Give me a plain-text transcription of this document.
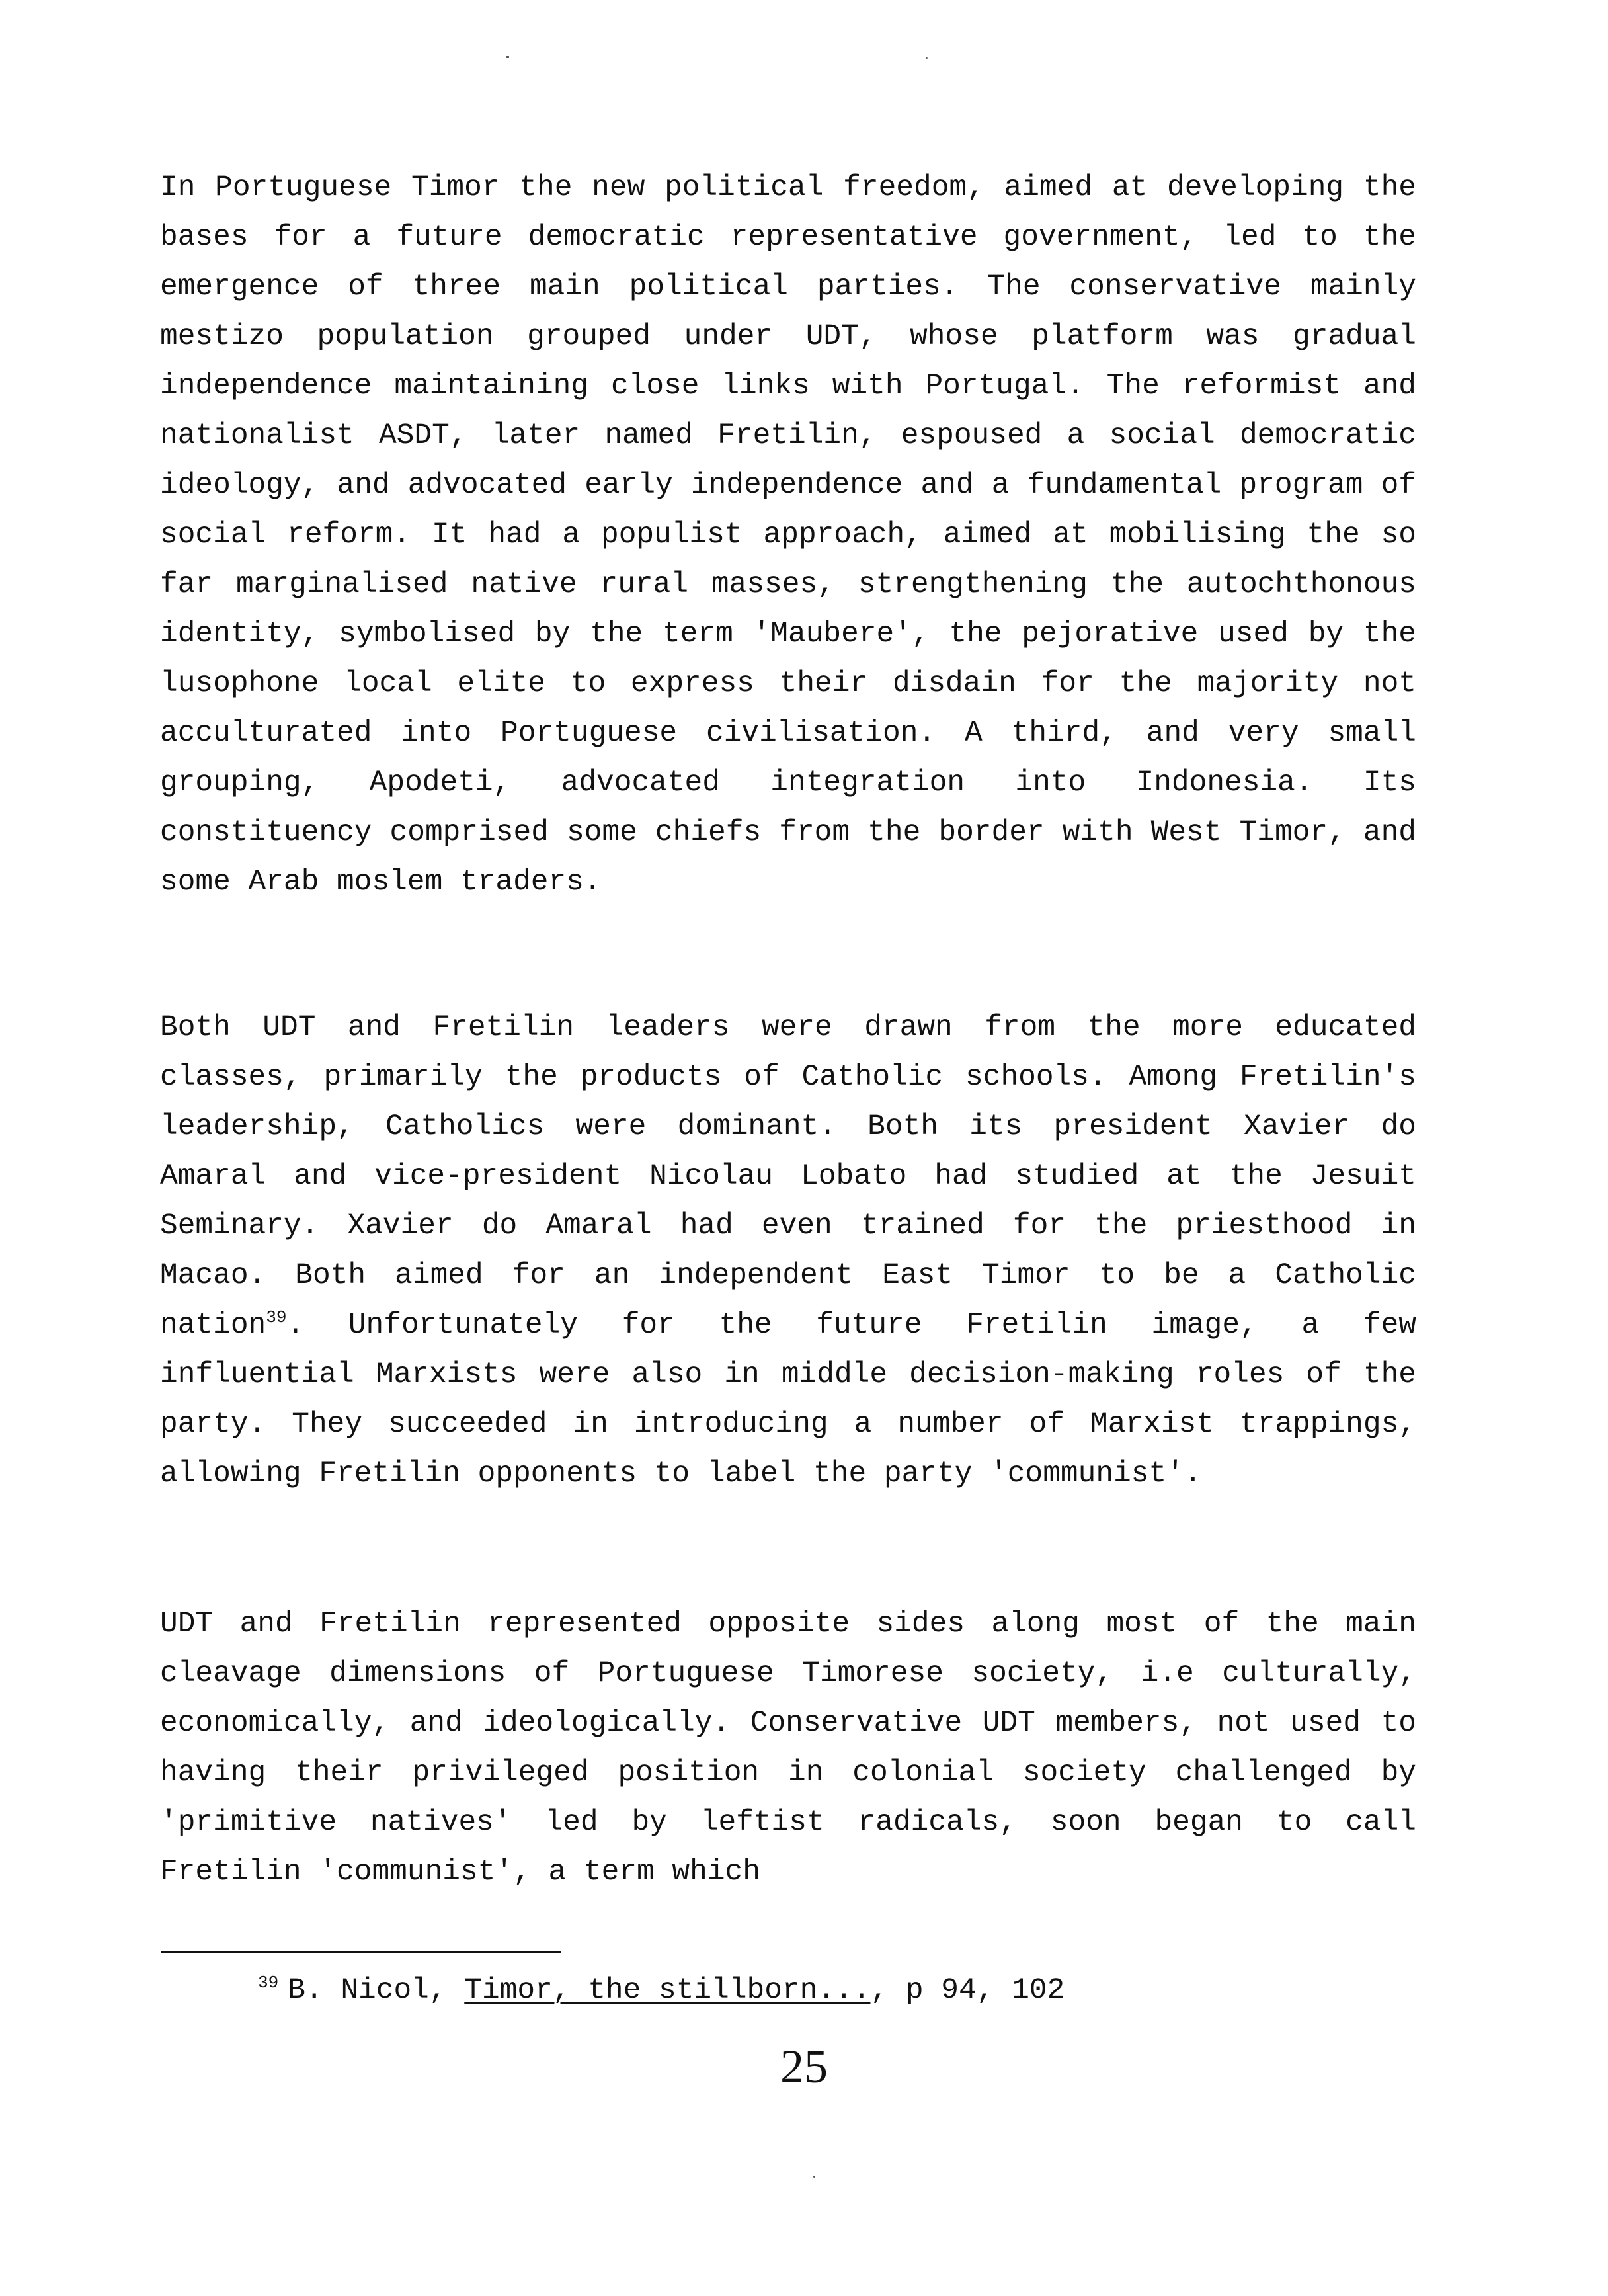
In Portuguese Timor the new political freedom, aimed at developing the bases for a future democratic representative government, led to the emergence of three main political parties. The conservative mainly mestizo population grouped under UDT, whose platform was gradual independence maintaining close links with Portugal. The reformist and nationalist ASDT, later named Fretilin, espoused a social democratic ideology, and advocated early independence and a fundamental program of social reform. It had a populist approach, aimed at mobilising the so far marginalised native rural masses, strengthening the autochthonous identity, symbolised by the term 'Maubere', the pejorative used by the lusophone local elite to express their disdain for the majority not acculturated into Portuguese civilisation. A third, and very small grouping, Apodeti, advocated integration into Indonesia. Its constituency comprised some chiefs from the border with West Timor, and some Arab moslem traders.

Both UDT and Fretilin leaders were drawn from the more educated classes, primarily the products of Catholic schools. Among Fretilin's leadership, Catholics were dominant. Both its president Xavier do Amaral and vice-president Nicolau Lobato had studied at the Jesuit Seminary. Xavier do Amaral had even trained for the priesthood in Macao. Both aimed for an independent East Timor to be a Catholic nation$^{39}$. Unfortunately for the future Fretilin image, a few influential Marxists were also in middle decision-making roles of the party. They succeeded in introducing a number of Marxist trappings, allowing Fretilin opponents to label the party 'communist'.

UDT and Fretilin represented opposite sides along most of the main cleavage dimensions of Portuguese Timorese society, i.e culturally, economically, and ideologically. Conservative UDT members, not used to having their privileged position in colonial society challenged by 'primitive natives' led by leftist radicals, soon began to call Fretilin 'communist', a term which

$^{39}$ B. Nicol, Timor, the stillborn..., p 94, 102
25
